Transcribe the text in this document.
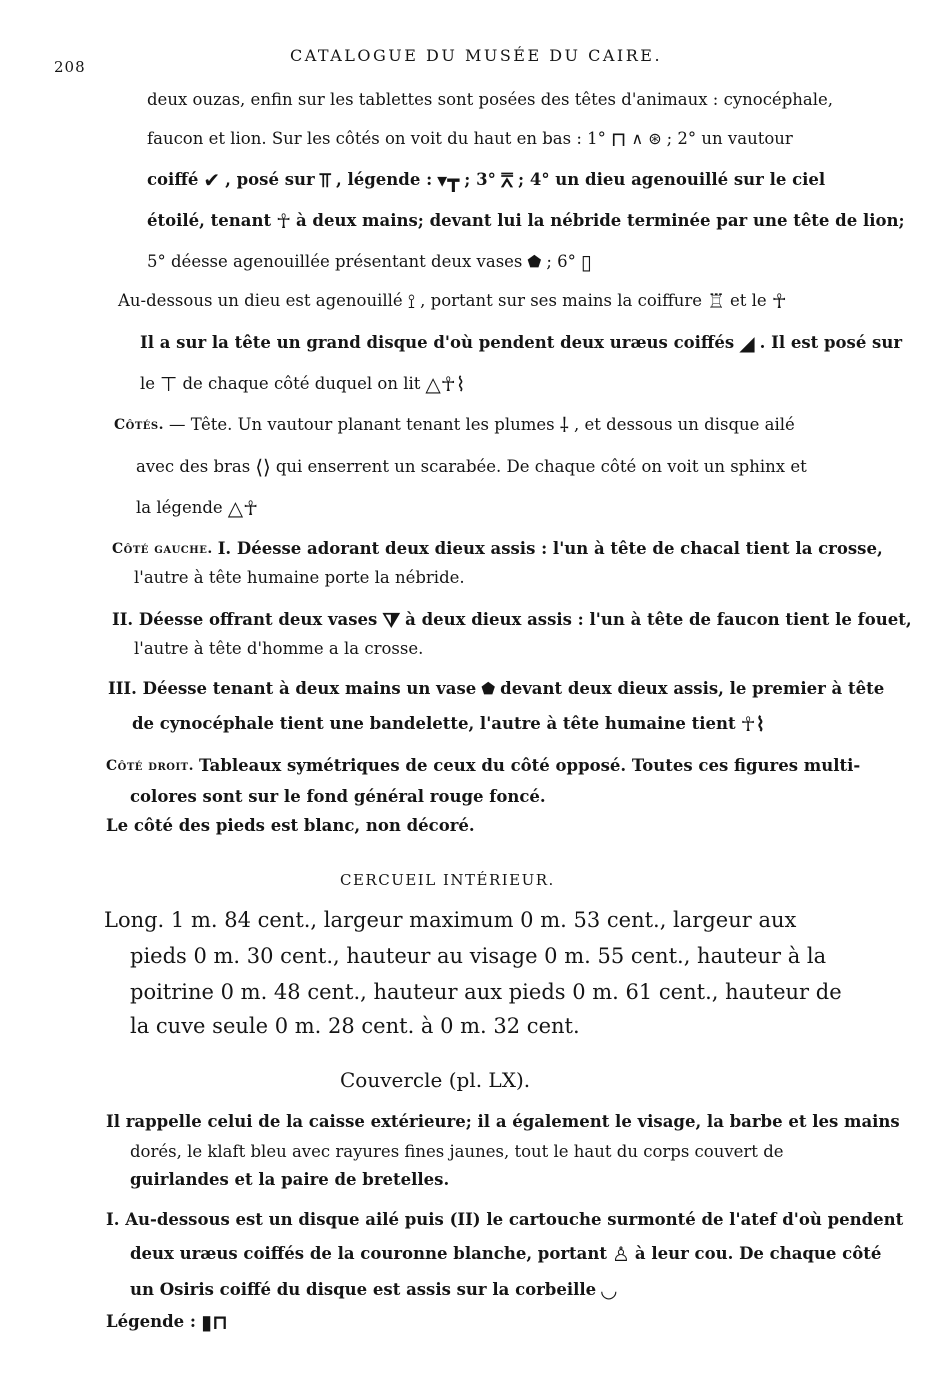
208
CATALOGUE DU MUSÉE DU CAIRE.
deux ouzas, enfin sur les tablettes sont posées des têtes d'animaux : cynocéphale,
faucon et lion. Sur les côtés on voit du haut en bas : 1° ⊓ ∧ ⊛ ; 2° un vautour
coiffé ✔ , posé sur ⫪ , légende : ▾┳ ; 3° ⩞ ; 4° un dieu agenouillé sur le ciel
étoilé, tenant ☥ à deux mains; devant lui la nébride terminée par une tête de lion;
5° déesse agenouillée présentant deux vases ⬟ ; 6° ▯
Au-dessous un dieu est agenouillé ⟟ , portant sur ses mains la coiffure ♖ et le ☥
Il a sur la tête un grand disque d'où pendent deux uræus coiffés ◢ . Il est posé sur
le ⊤ de chaque côté duquel on lit △☥⌇
Côtés. — Tête. Un vautour planant tenant les plumes ⸸ , et dessous un disque ailé
avec des bras ⟨⟩ qui enserrent un scarabée. De chaque côté on voit un sphinx et
la légende △☥
Côté gauche. I. Déesse adorant deux dieux assis : l'un à tête de chacal tient la crosse,
l'autre à tête humaine porte la nébride.
II. Déesse offrant deux vases ⧩ à deux dieux assis : l'un à tête de faucon tient le fouet,
l'autre à tête d'homme a la crosse.
III. Déesse tenant à deux mains un vase ⬟ devant deux dieux assis, le premier à tête
de cynocéphale tient une bandelette, l'autre à tête humaine tient ☥⌇
Côté droit. Tableaux symétriques de ceux du côté opposé. Toutes ces figures multi-
colores sont sur le fond général rouge foncé.
Le côté des pieds est blanc, non décoré.
CERCUEIL INTÉRIEUR.
Long. 1 m. 84 cent., largeur maximum 0 m. 53 cent., largeur aux
pieds 0 m. 30 cent., hauteur au visage 0 m. 55 cent., hauteur à la
poitrine 0 m. 48 cent., hauteur aux pieds 0 m. 61 cent., hauteur de
la cuve seule 0 m. 28 cent. à 0 m. 32 cent.
Couvercle (pl. LX).
Il rappelle celui de la caisse extérieure; il a également le visage, la barbe et les mains
dorés, le klaft bleu avec rayures fines jaunes, tout le haut du corps couvert de
guirlandes et la paire de bretelles.
I. Au-dessous est un disque ailé puis (II) le cartouche surmonté de l'atef d'où pendent
deux uræus coiffés de la couronne blanche, portant ♙ à leur cou. De chaque côté
un Osiris coiffé du disque est assis sur la corbeille ◡
Légende : ▮⊓
